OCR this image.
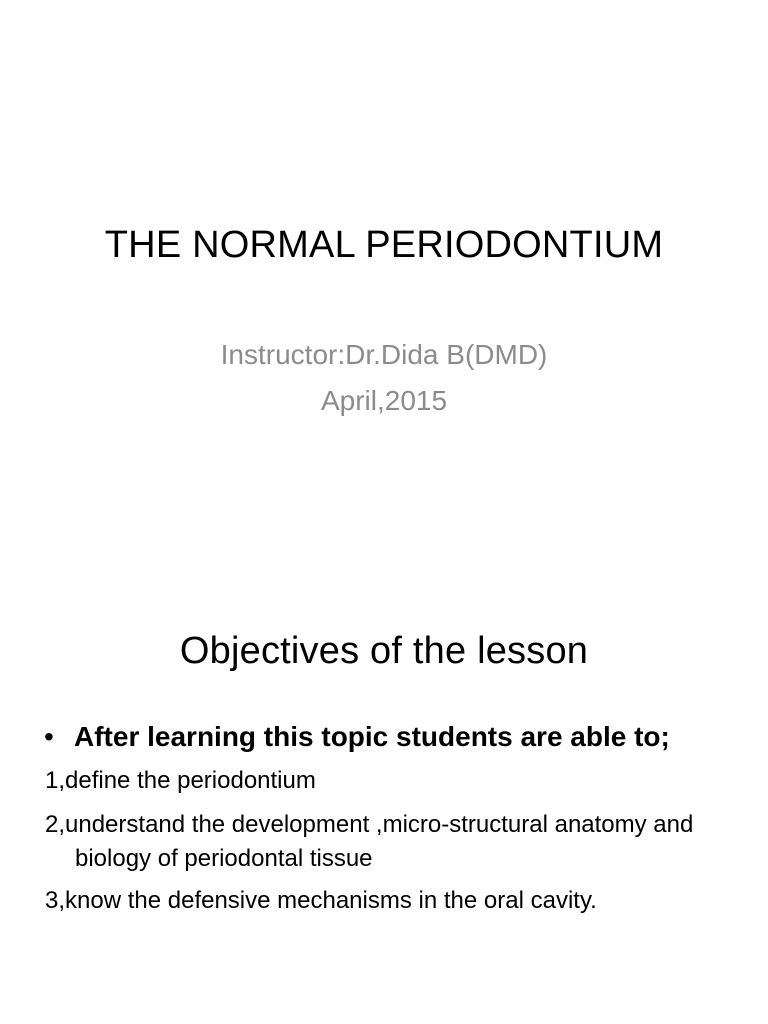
THE NORMAL PERIODONTIUM
Instructor:Dr.Dida B(DMD)
April,2015
Objectives of the lesson
• After learning this topic students are able to;
1,define the periodontium
2,understand the development ,micro-structural anatomy and biology of periodontal tissue
3,know the defensive mechanisms in the oral cavity.
